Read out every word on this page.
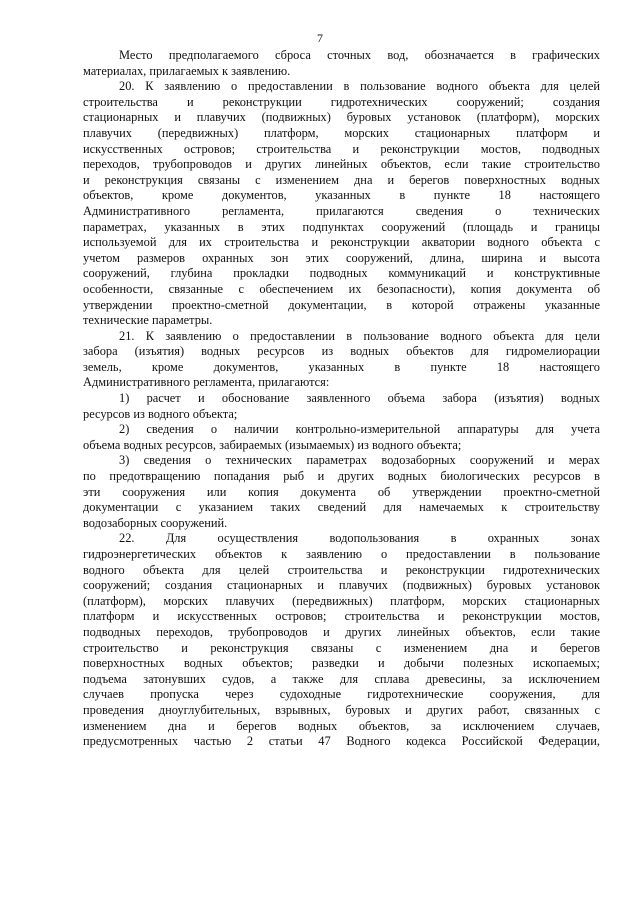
7
Место предполагаемого сброса сточных вод, обозначается в графических
материалах, прилагаемых к заявлению.
20. К заявлению о предоставлении в пользование водного объекта для целей
строительства и реконструкции гидротехнических сооружений; создания
стационарных и плавучих (подвижных) буровых установок (платформ), морских
плавучих (передвижных) платформ, морских стационарных платформ и
искусственных островов; строительства и реконструкции мостов, подводных
переходов, трубопроводов и других линейных объектов, если такие строительство
и реконструкция связаны с изменением дна и берегов поверхностных водных
объектов, кроме документов, указанных в пункте 18 настоящего
Административного регламента, прилагаются сведения о технических
параметрах, указанных в этих подпунктах сооружений (площадь и границы
используемой для их строительства и реконструкции акватории водного объекта с
учетом размеров охранных зон этих сооружений, длина, ширина и высота
сооружений, глубина прокладки подводных коммуникаций и конструктивные
особенности, связанные с обеспечением их безопасности), копия документа об
утверждении проектно-сметной документации, в которой отражены указанные
технические параметры.
21. К заявлению о предоставлении в пользование водного объекта для цели
забора (изъятия) водных ресурсов из водных объектов для гидромелиорации
земель, кроме документов, указанных в пункте 18 настоящего
Административного регламента, прилагаются:
1) расчет и обоснование заявленного объема забора (изъятия) водных
ресурсов из водного объекта;
2) сведения о наличии контрольно-измерительной аппаратуры для учета
объема водных ресурсов, забираемых (изымаемых) из водного объекта;
3) сведения о технических параметрах водозаборных сооружений и мерах
по предотвращению попадания рыб и других водных биологических ресурсов в
эти сооружения или копия документа об утверждении проектно-сметной
документации с указанием таких сведений для намечаемых к строительству
водозаборных сооружений.
22. Для осуществления водопользования в охранных зонах
гидроэнергетических объектов к заявлению о предоставлении в пользование
водного объекта для целей строительства и реконструкции гидротехнических
сооружений; создания стационарных и плавучих (подвижных) буровых установок
(платформ), морских плавучих (передвижных) платформ, морских стационарных
платформ и искусственных островов; строительства и реконструкции мостов,
подводных переходов, трубопроводов и других линейных объектов, если такие
строительство и реконструкция связаны с изменением дна и берегов
поверхностных водных объектов; разведки и добычи полезных ископаемых;
подъема затонувших судов, а также для сплава древесины, за исключением
случаев пропуска через судоходные гидротехнические сооружения, для
проведения дноуглубительных, взрывных, буровых и других работ, связанных с
изменением дна и берегов водных объектов, за исключением случаев,
предусмотренных частью 2 статьи 47 Водного кодекса Российской Федерации,
